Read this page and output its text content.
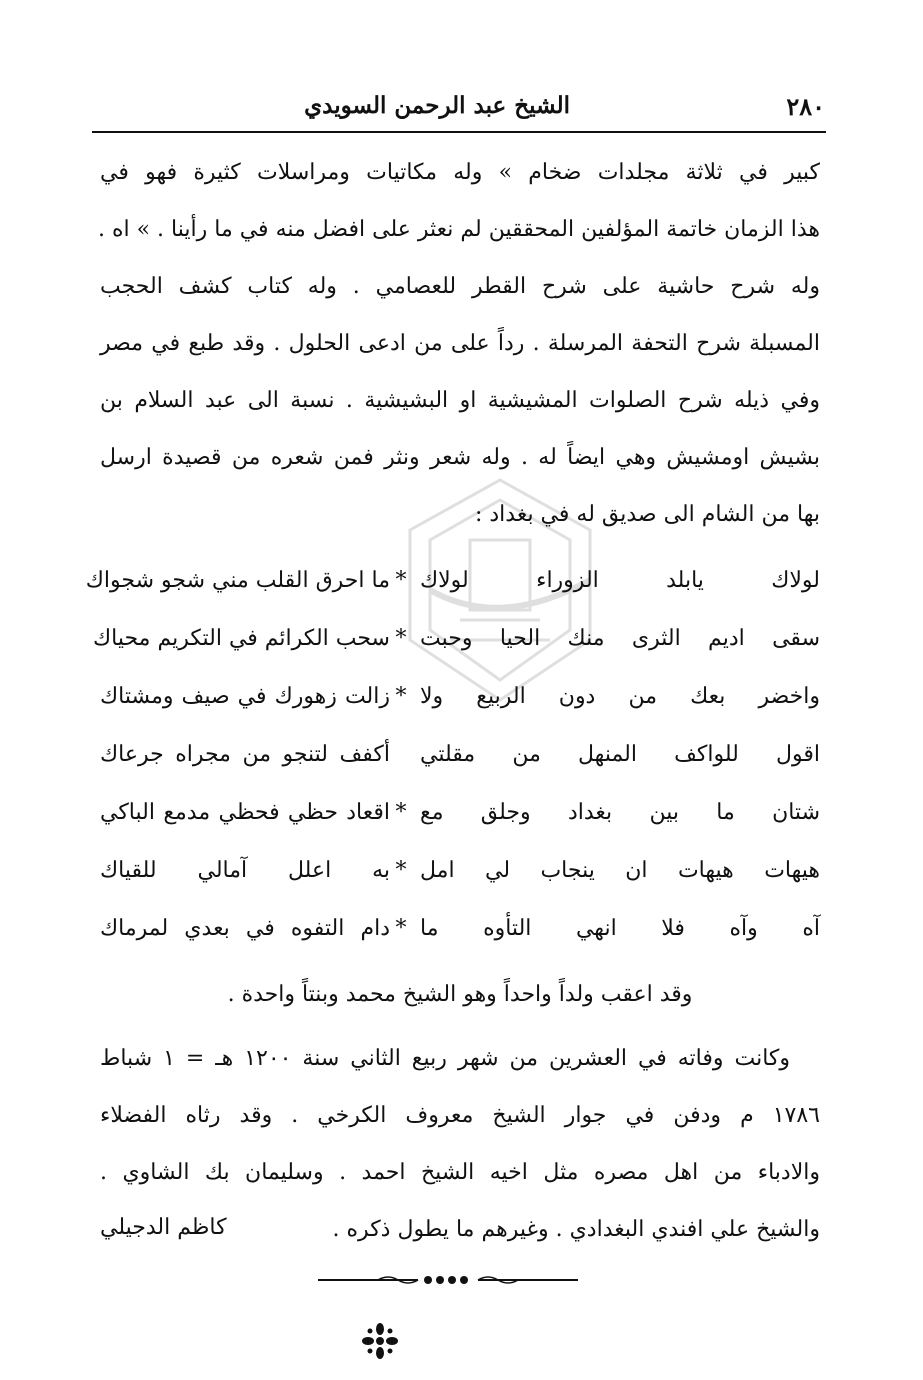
٢٨٠
الشيخ عبد الرحمن السويدي
كبير في ثلاثة مجلدات ضخام » وله مكاتيات ومراسلات كثيرة فهو في
هذا الزمان خاتمة المؤلفين المحققين لم نعثر على افضل منه في ما رأينا . » اه .
وله شرح حاشية على شرح القطر للعصامي . وله كتاب كشف الحجب
المسبلة شرح التحفة المرسلة . رداً على من ادعى الحلول . وقد طبع في مصر
وفي ذيله شرح الصلوات المشيشية او البشيشية . نسبة الى عبد السلام بن
بشيش اومشيش وهي ايضاً له . وله شعر ونثر فمن شعره من قصيدة ارسل
بها من الشام الى صديق له في بغداد :
لولاك يابلد الزوراء لولاك
*
ما احرق القلب مني شجو شجواك
سقى اديم الثرى منك الحيا وحبت
*
سحب الكرائم في التكريم محياك
واخضر بعك من دون الربيع ولا
*
زالت زهورك في صيف ومشتاك
اقول للواكف المنهل من مقلتي
أكفف لتنجو من مجراه جرعاك
شتان ما بين بغداد وجلق مع
*
اقعاد حظي فحظي مدمع الباكي
هيهات هيهات ان ينجاب لي امل
*
به اعلل آمالي للقياك
آه وآه فلا انهي التأوه ما
*
دام التفوه في بعدي لمرماك
وقد اعقب ولداً واحداً وهو الشيخ محمد وبنتاً واحدة .
وكانت وفاته في العشرين من شهر ربيع الثاني سنة ١٢٠٠ هـ = ١ شباط
١٧٨٦ م ودفن في جوار الشيخ معروف الكرخي . وقد رثاه الفضلاء
والادباء من اهل مصره مثل اخيه الشيخ احمد . وسليمان بك الشاوي .
والشيخ علي افندي البغدادي . وغيرهم ما يطول ذكره .
كاظم الدجيلي
